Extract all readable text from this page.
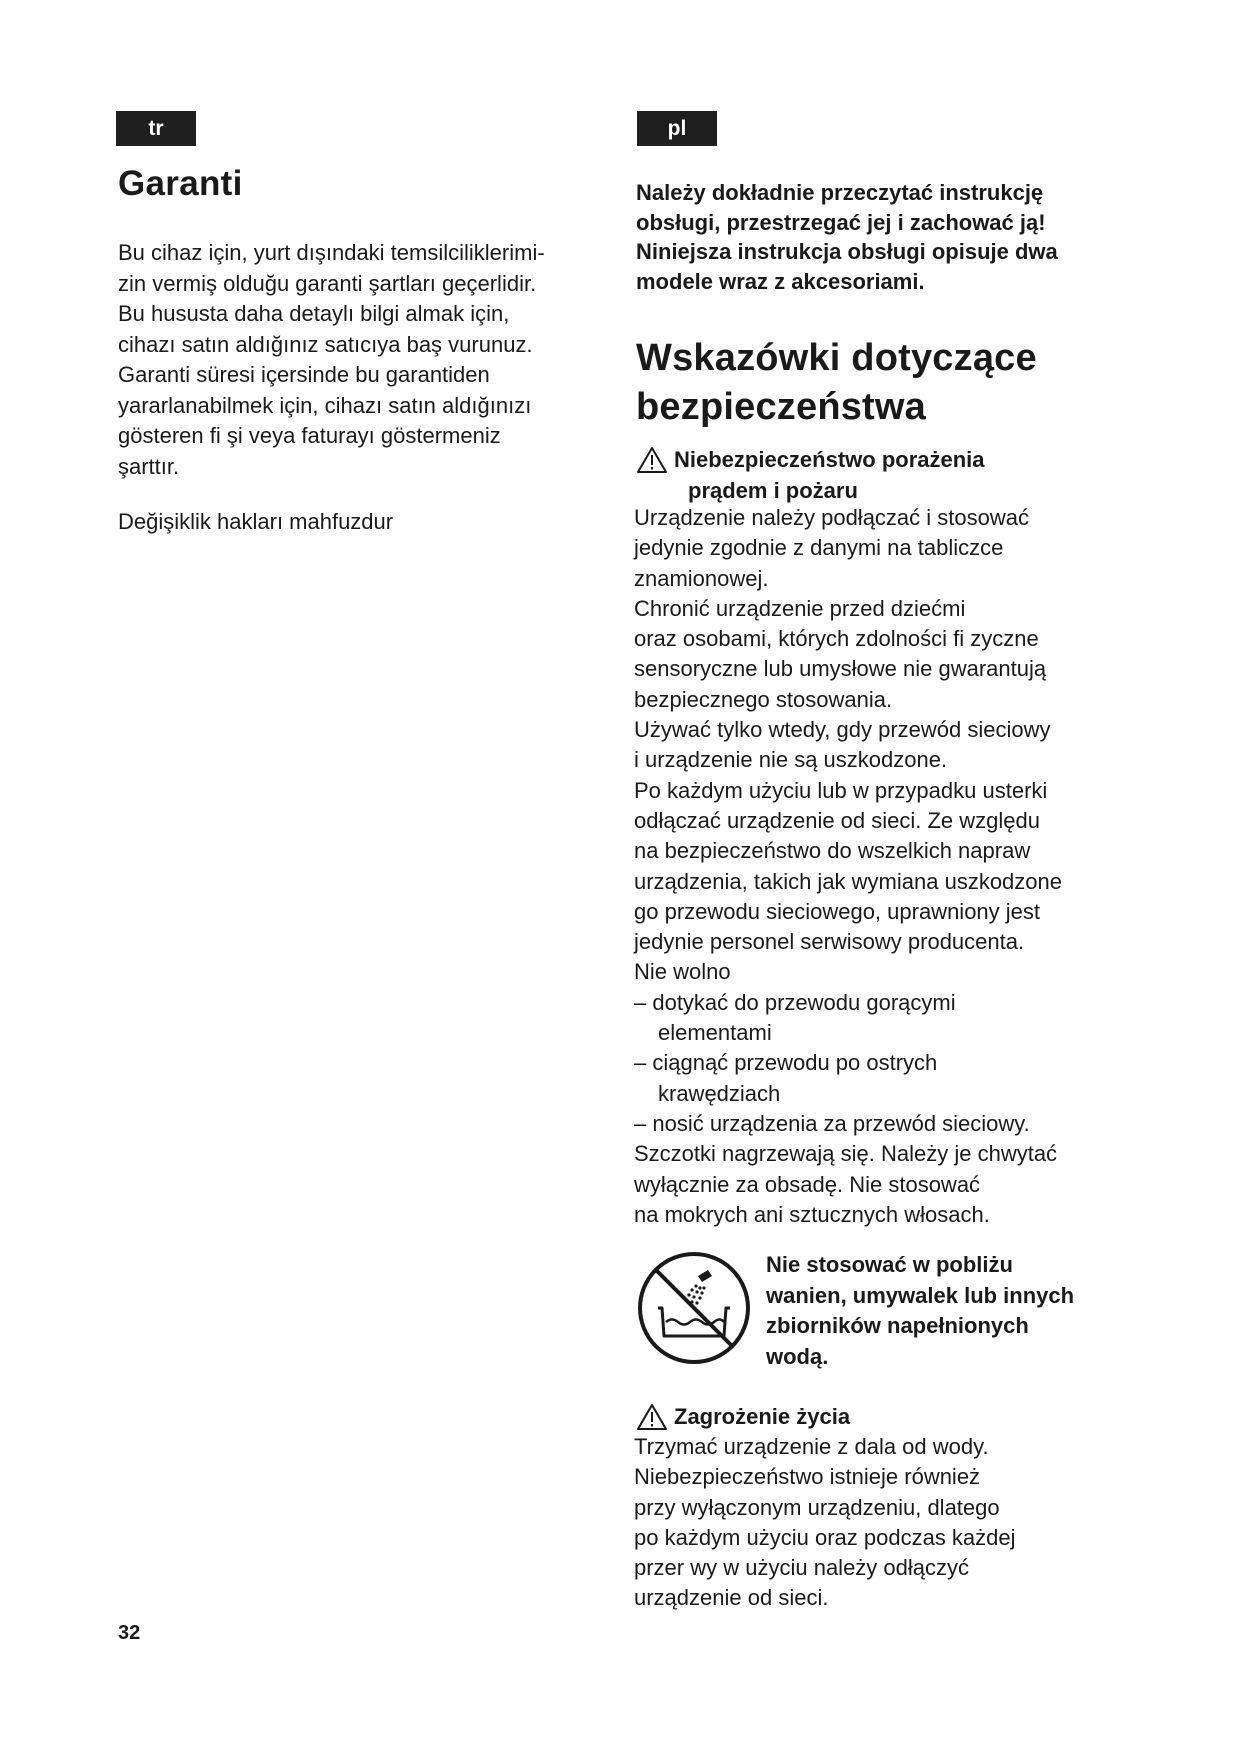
tr
Garanti

Bu cihaz için, yurt dışındaki temsilciliklerimi-
zin vermiş olduğu garanti şartları geçerlidir.
Bu hususta daha detaylı bilgi almak için,
cihazı satın aldığınız satıcıya baş vurunuz.
Garanti süresi içersinde bu garantiden
yararlanabilmek için, cihazı satın aldığınızı
gösteren fi şi veya faturayı göstermeniz
şarttır.

Değişiklik hakları mahfuzdur

pl

Należy dokładnie przeczytać instrukcję
obsługi, przestrzegać jej i zachować ją!
Niniejsza instrukcja obsługi opisuje dwa
modele wraz z akcesoriami.

Wskazówki dotyczące
bezpieczeństwa
Niebezpieczeństwo porażenia
prądem i pożaru

Urządzenie należy podłączać i stosować
jedynie zgodnie z danymi na tabliczce
znamionowej.
Chronić urządzenie przed dziećmi
oraz osobami, których zdolności fi zyczne
sensoryczne lub umysłowe nie gwarantują
bezpiecznego stosowania.
Używać tylko wtedy, gdy przewód sieciowy
i urządzenie nie są uszkodzone.
Po każdym użyciu lub w przypadku usterki
odłączać urządzenie od sieci. Ze względu
na bezpieczeństwo do wszelkich napraw
urządzenia, takich jak wymiana uszkodzone
go przewodu sieciowego, uprawniony jest
jedynie personel serwisowy producenta.
Nie wolno
– dotykać do przewodu gorącymi
elementami
– ciągnąć przewodu po ostrych
krawędziach
– nosić urządzenia za przewód sieciowy.
Szczotki nagrzewają się. Należy je chwytać
wyłącznie za obsadę. Nie stosować
na mokrych ani sztucznych włosach.

Nie stosować w pobliżu
wanien, umywalek lub innych
zbiorników napełnionych
wodą.

Zagrożenie życia

Trzymać urządzenie z dala od wody.
Niebezpieczeństwo istnieje również
przy wyłączonym urządzeniu, dlatego
po każdym użyciu oraz podczas każdej
przer wy w użyciu należy odłączyć
urządzenie od sieci.

32
